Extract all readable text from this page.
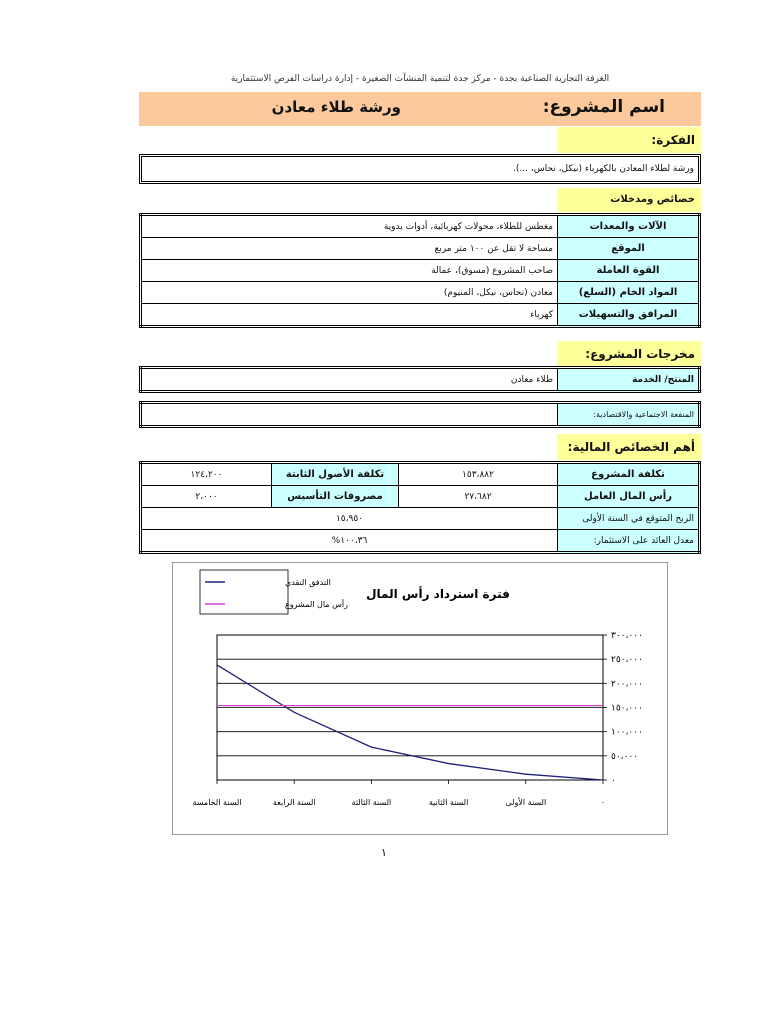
الغرفة التجارية الصناعية بجدة - مركز جدة لتنمية المنشآت الصغيرة - إدارة دراسات الفرص الاستثمارية
اسم المشروع:
ورشة طلاء معادن
الفكرة:
ورشة لطلاء المعادن بالكهرباء (نيكل، نحاس، ...).
خصائص ومدخلات
الآلات والمعدات	مغطس للطلاء، محولات كهربائية، أدوات يدوية
الموقع	مساحة لا تقل عن ١٠٠ متر مربع
القوة العاملة	صاحب المشروع (مسوق)، عمالة
المواد الخام (السلع)	معادن (نحاس، نيكل، المنيوم)
المرافق والتسهيلات	كهرباء
مخرجات المشروع:
المنتج/ الخدمة	طلاء معادن
المنفعة الاجتماعية والاقتصادية:	
أهم الخصائص المالية:
تكلفة المشروع	١٥٣،٨٨٢	تكلفة الأصول الثابتة	١٢٤،٢٠٠
رأس المال العامل	٢٧،٦٨٢	مصروفات التأسيس	٢،٠٠٠
الربح المتوقع في السنة الأولى	١٥،٩٥٠		
معدل العائد على الاستثمار:	١٠٠،٣٦%		
٠
٥٠،٠٠٠
١٠٠،٠٠٠
١٥٠،٠٠٠
٢٠٠،٠٠٠
٢٥٠،٠٠٠
٣٠٠،٠٠٠
٠
السنة الأولى
السنة الثانية
السنة الثالثة
السنة الرابعة
السنة الخامسة
فترة استرداد رأس المال
التدفق النقدي
رأس مال المشروع
١
